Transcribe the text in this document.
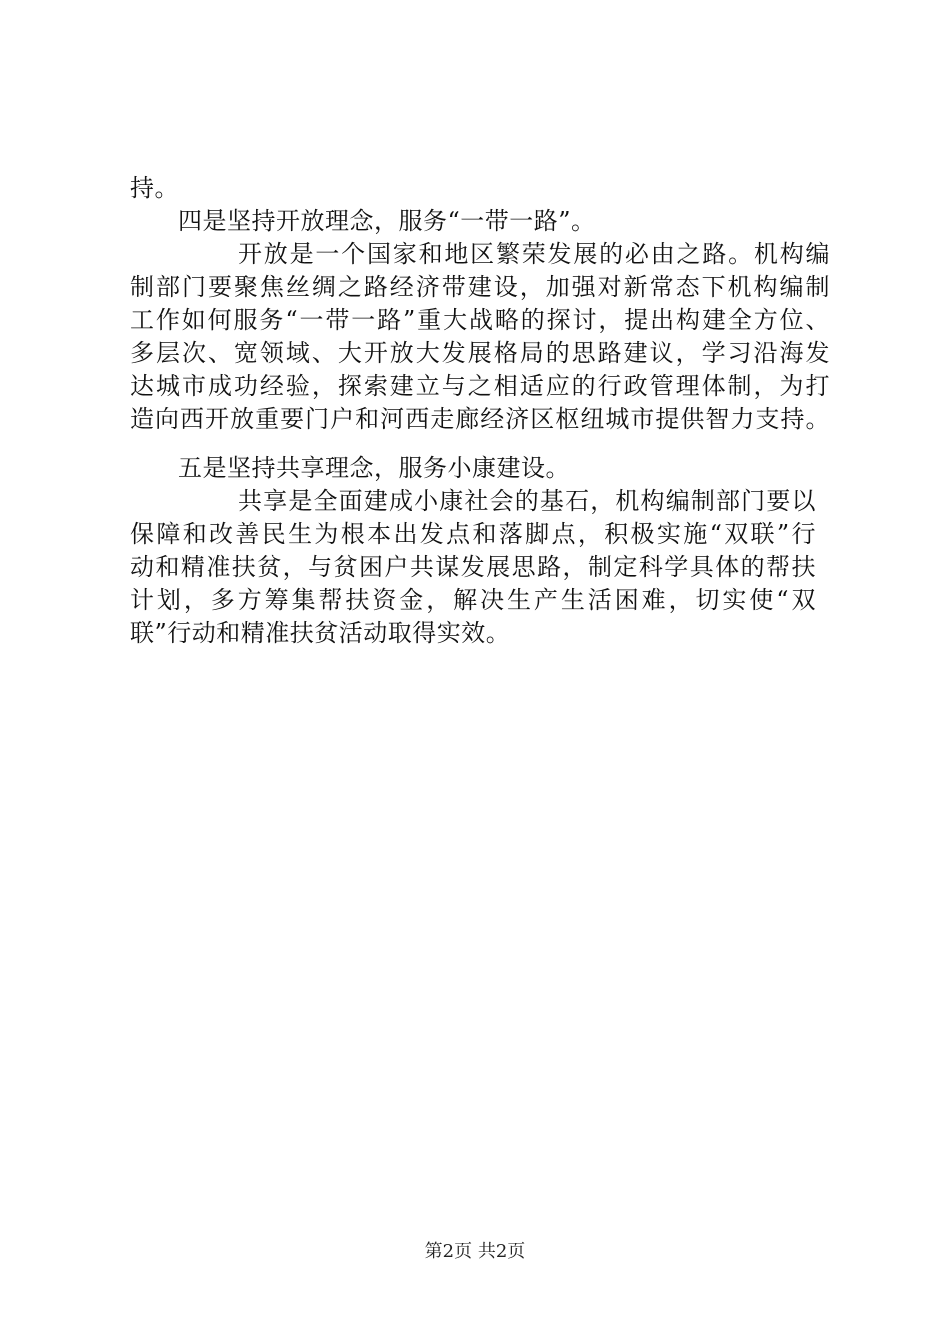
持。
四是坚持开放理念，服务“一带一路”。
开放是一个国家和地区繁荣发展的必由之路。机构编
制部门要聚焦丝绸之路经济带建设，加强对新常态下机构编制
工作如何服务“一带一路”重大战略的探讨，提出构建全方位、
多层次、宽领域、大开放大发展格局的思路建议，学习沿海发
达城市成功经验，探索建立与之相适应的行政管理体制，为打
造向西开放重要门户和河西走廊经济区枢纽城市提供智力支持。
五是坚持共享理念，服务小康建设。
共享是全面建成小康社会的基石，机构编制部门要以
保障和改善民生为根本出发点和落脚点，积极实施“双联”行
动和精准扶贫，与贫困户共谋发展思路，制定科学具体的帮扶
计划，多方筹集帮扶资金，解决生产生活困难，切实使“双
联”行动和精准扶贫活动取得实效。
第2页 共2页
